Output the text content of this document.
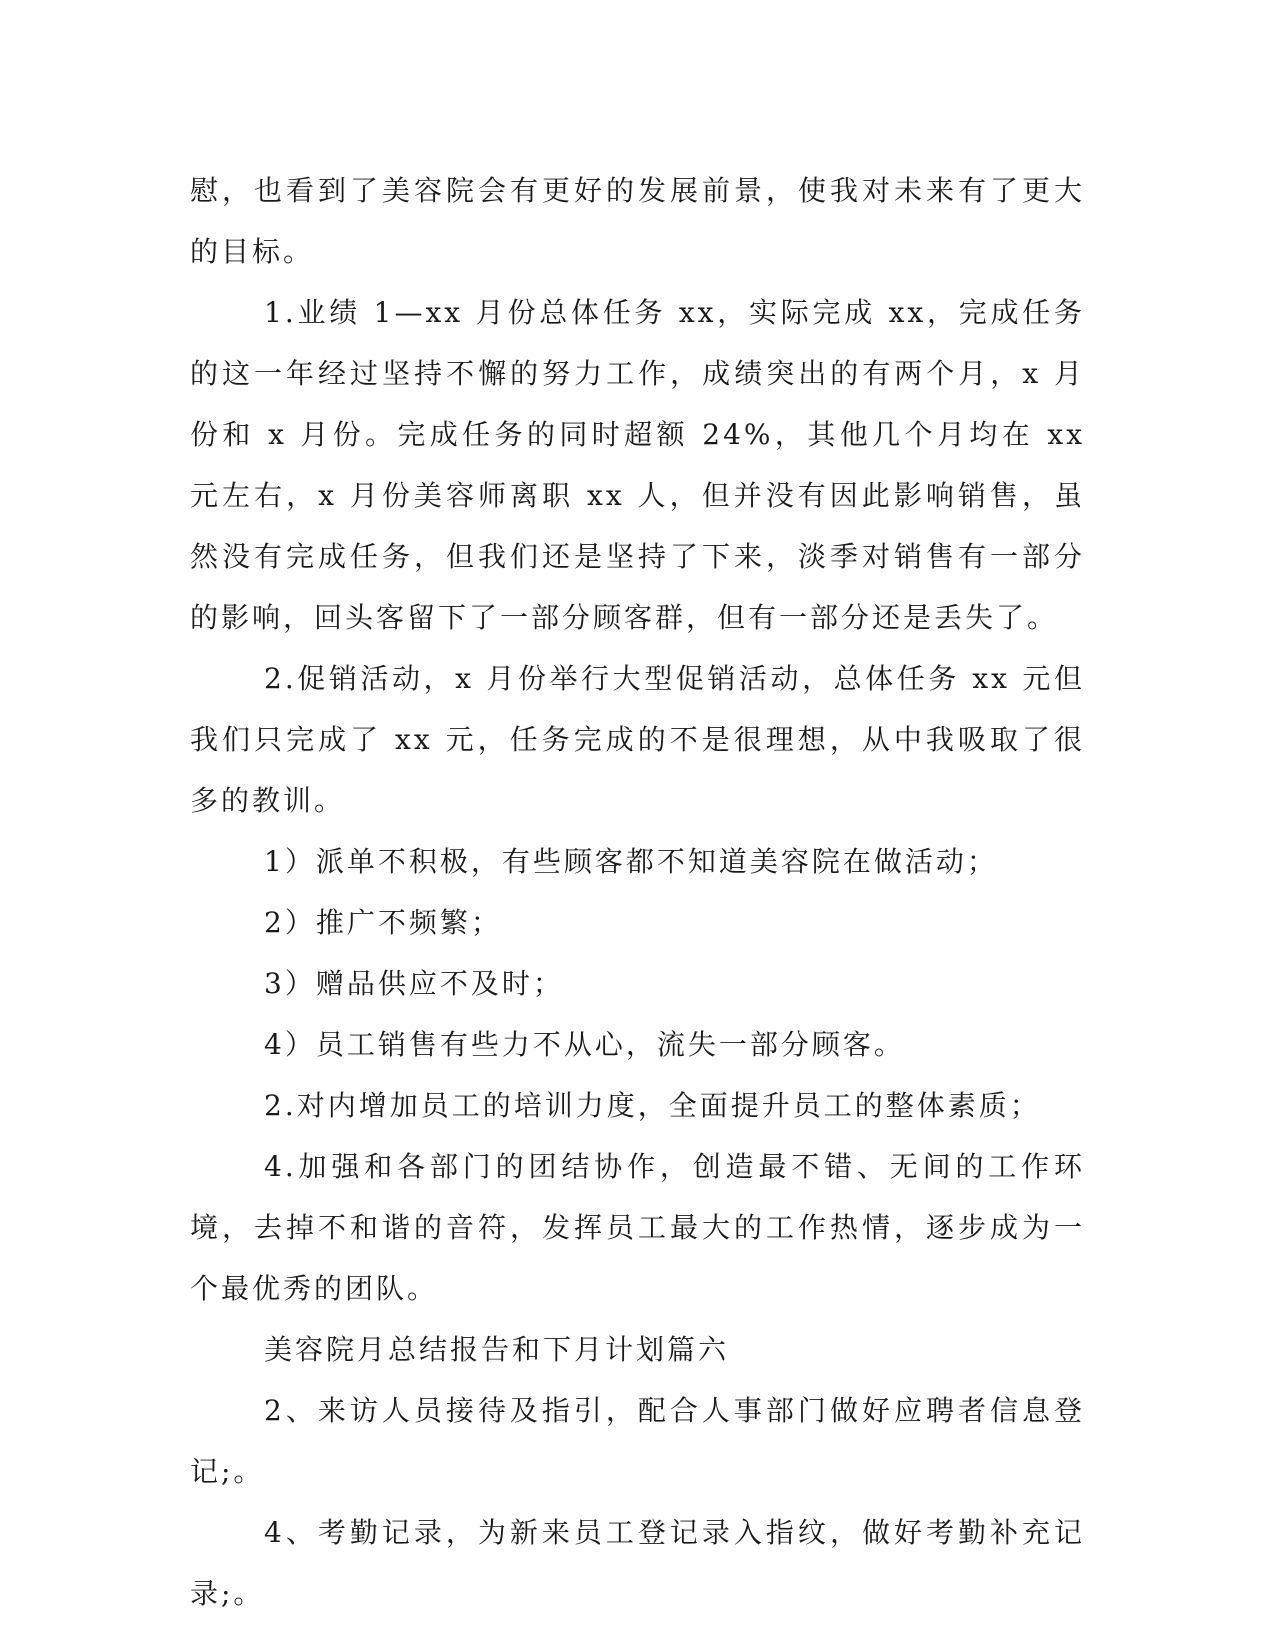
慰，也看到了美容院会有更好的发展前景，使我对未来有了更大的目标。

1.业绩 1—xx 月份总体任务 xx，实际完成 xx，完成任务的这一年经过坚持不懈的努力工作，成绩突出的有两个月，x 月份和 x 月份。完成任务的同时超额 24%，其他几个月均在 xx 元左右，x 月份美容师离职 xx 人，但并没有因此影响销售，虽然没有完成任务，但我们还是坚持了下来，淡季对销售有一部分的影响，回头客留下了一部分顾客群，但有一部分还是丢失了。

2.促销活动，x 月份举行大型促销活动，总体任务 xx 元但我们只完成了 xx 元，任务完成的不是很理想，从中我吸取了很多的教训。

1）派单不积极，有些顾客都不知道美容院在做活动；

2）推广不频繁；

3）赠品供应不及时；

4）员工销售有些力不从心，流失一部分顾客。

2.对内增加员工的培训力度，全面提升员工的整体素质；

4.加强和各部门的团结协作，创造最不错、无间的工作环境，去掉不和谐的音符，发挥员工最大的工作热情，逐步成为一个最优秀的团队。

美容院月总结报告和下月计划篇六

2、来访人员接待及指引，配合人事部门做好应聘者信息登记;。

4、考勤记录，为新来员工登记录入指纹，做好考勤补充记录;。
